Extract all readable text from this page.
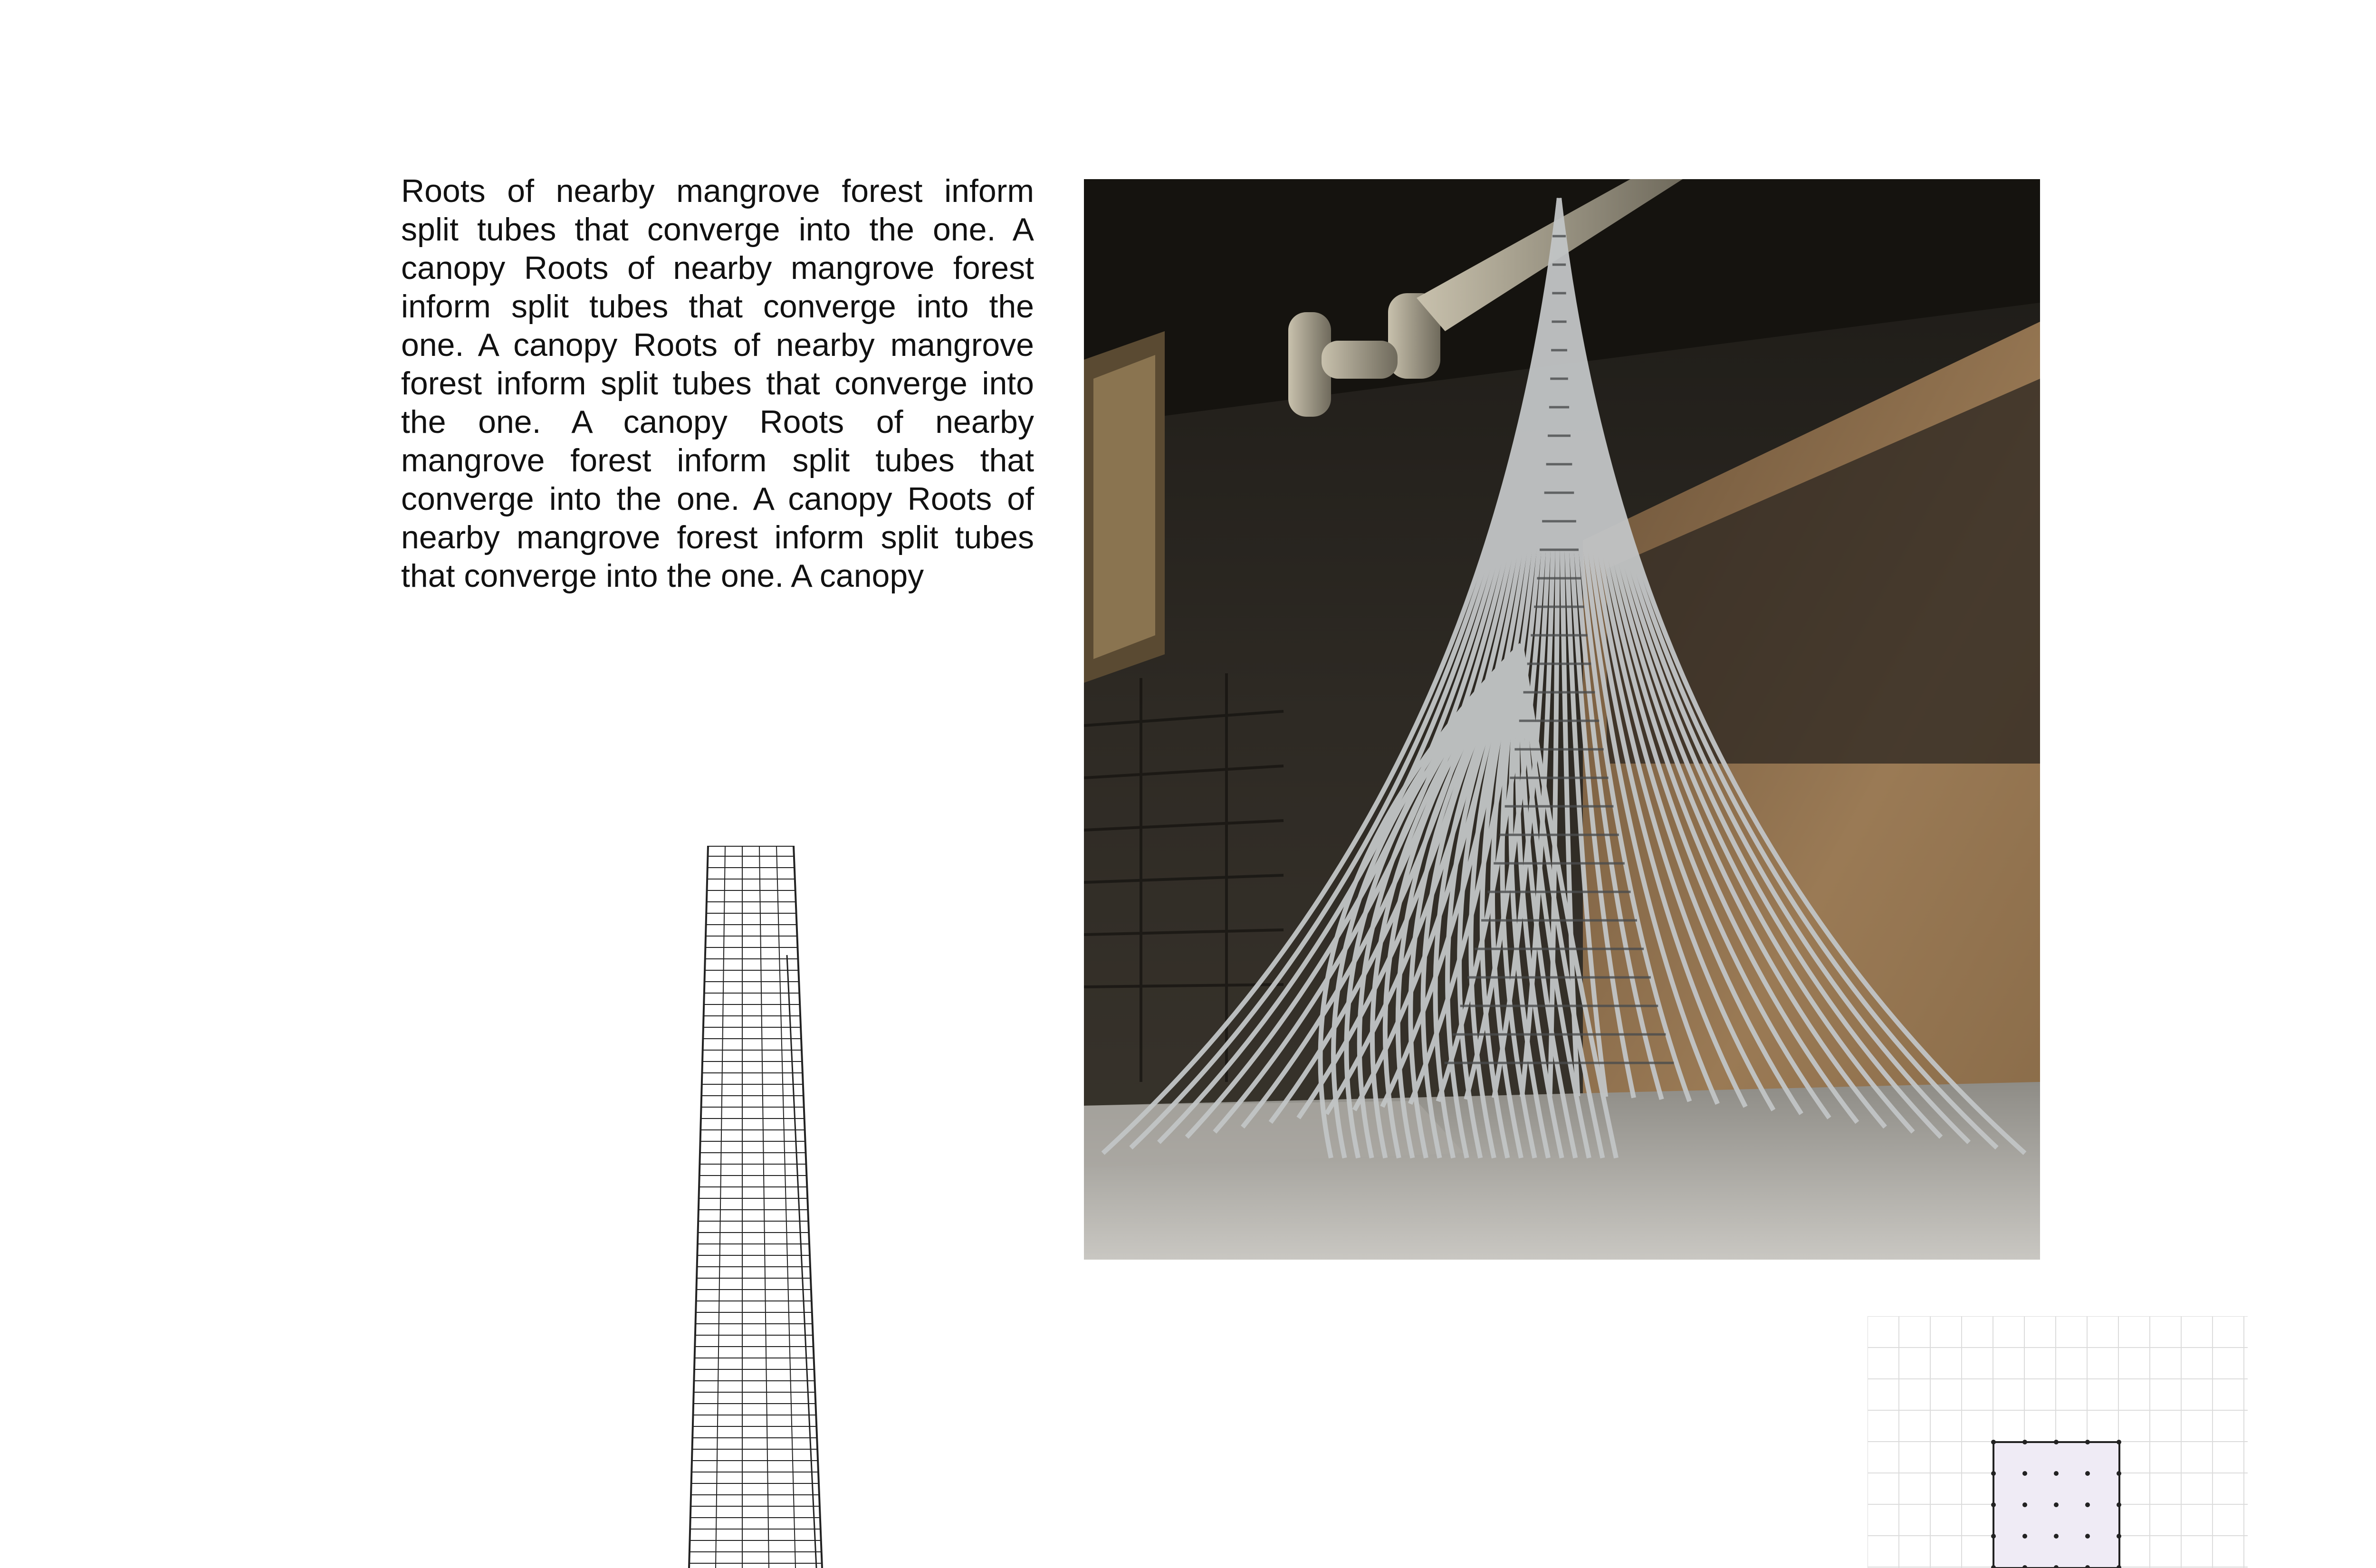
Roots of nearby mangrove forest inform split tubes that converge into the one. A canopy Roots of nearby mangrove forest inform split tubes that converge into the one. A canopy Roots of nearby mangrove forest inform split tubes that converge into the one. A canopy Roots of nearby mangrove forest inform split tubes that converge into the one. A canopy Roots of nearby mangrove forest inform split tubes that converge into the one. A canopy
